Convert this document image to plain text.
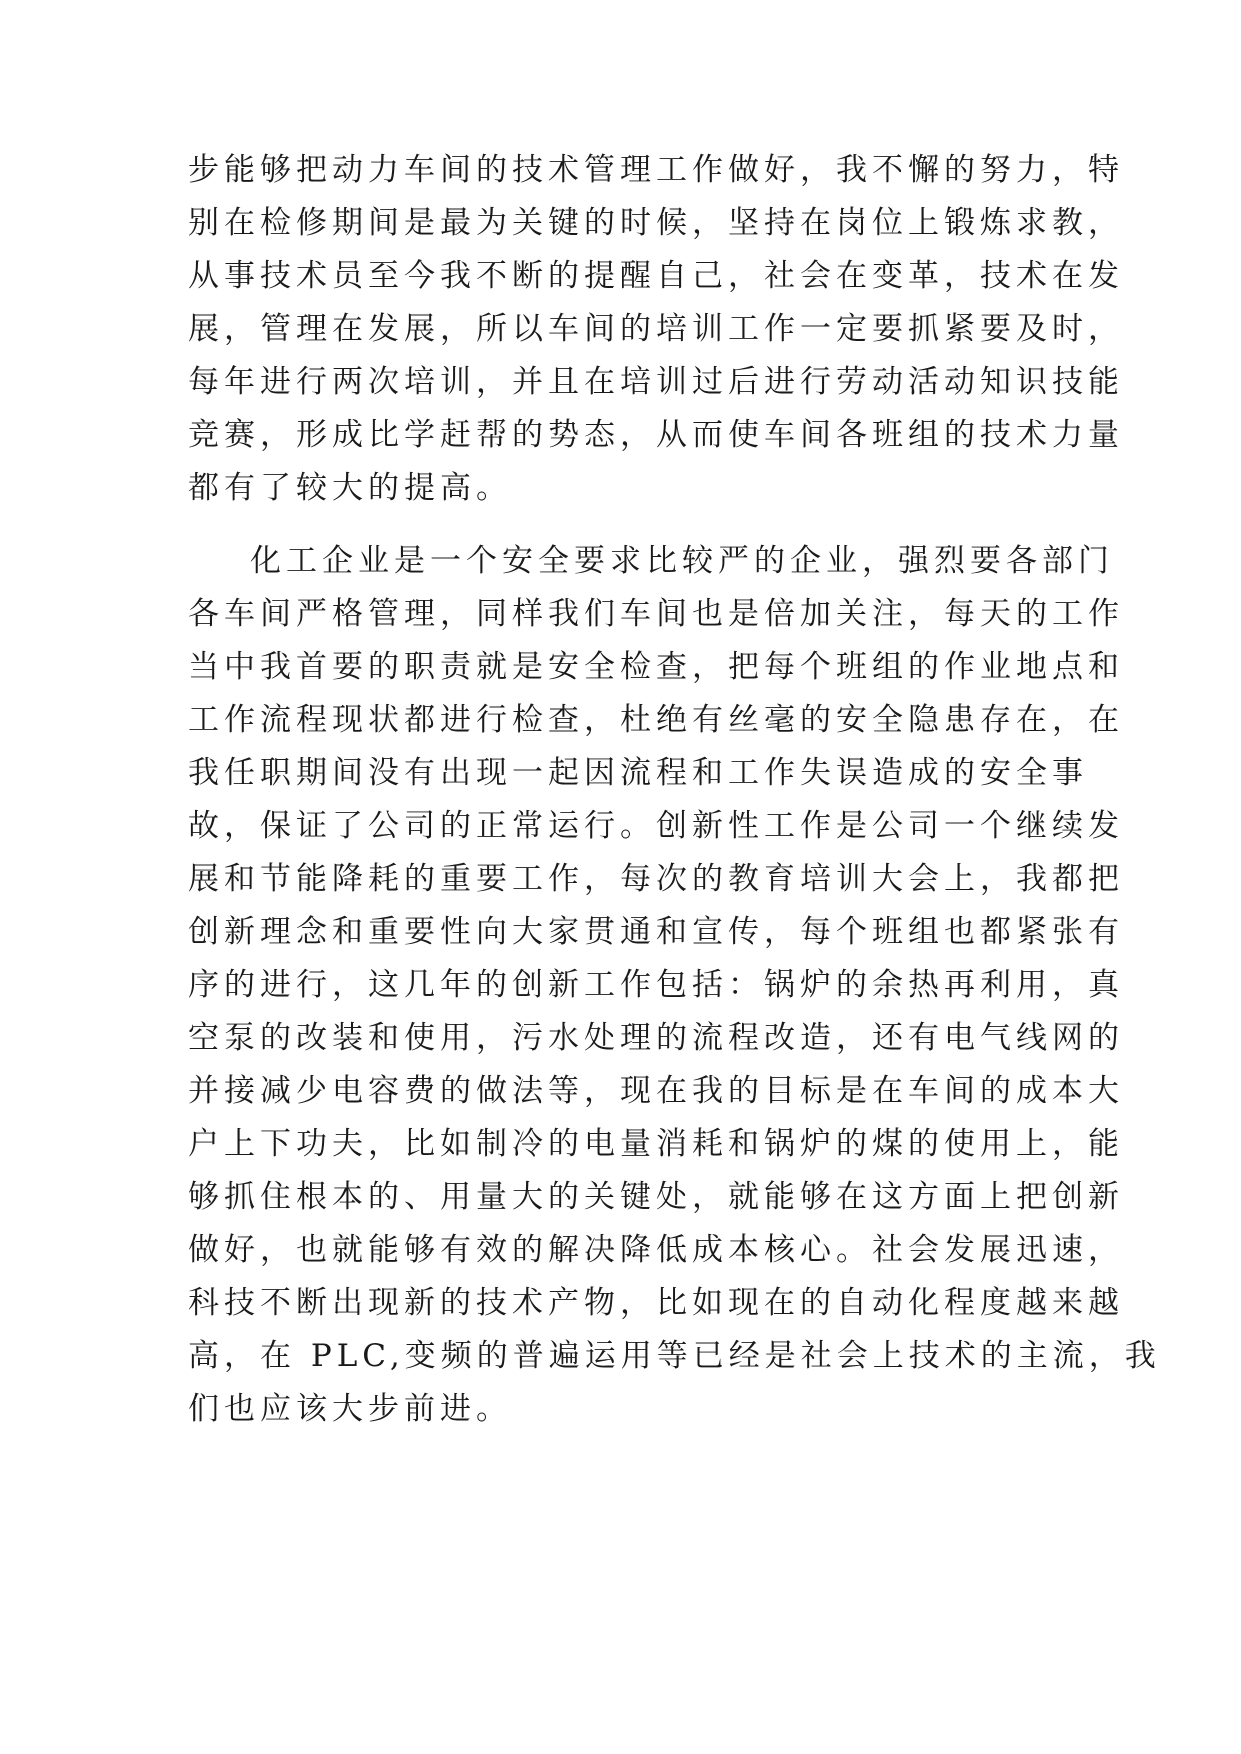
步能够把动力车间的技术管理工作做好，我不懈的努力，特
别在检修期间是最为关键的时候，坚持在岗位上锻炼求教，
从事技术员至今我不断的提醒自己，社会在变革，技术在发
展，管理在发展，所以车间的培训工作一定要抓紧要及时，
每年进行两次培训，并且在培训过后进行劳动活动知识技能
竞赛，形成比学赶帮的势态，从而使车间各班组的技术力量
都有了较大的提高。
化工企业是一个安全要求比较严的企业，强烈要各部门
各车间严格管理，同样我们车间也是倍加关注，每天的工作
当中我首要的职责就是安全检查，把每个班组的作业地点和
工作流程现状都进行检查，杜绝有丝毫的安全隐患存在，在
我任职期间没有出现一起因流程和工作失误造成的安全事
故，保证了公司的正常运行。创新性工作是公司一个继续发
展和节能降耗的重要工作，每次的教育培训大会上，我都把
创新理念和重要性向大家贯通和宣传，每个班组也都紧张有
序的进行，这几年的创新工作包括：锅炉的余热再利用，真
空泵的改装和使用，污水处理的流程改造，还有电气线网的
并接减少电容费的做法等，现在我的目标是在车间的成本大
户上下功夫，比如制冷的电量消耗和锅炉的煤的使用上，能
够抓住根本的、用量大的关键处，就能够在这方面上把创新
做好，也就能够有效的解决降低成本核心。社会发展迅速，
科技不断出现新的技术产物，比如现在的自动化程度越来越
高，在 PLC,变频的普遍运用等已经是社会上技术的主流，我
们也应该大步前进。
